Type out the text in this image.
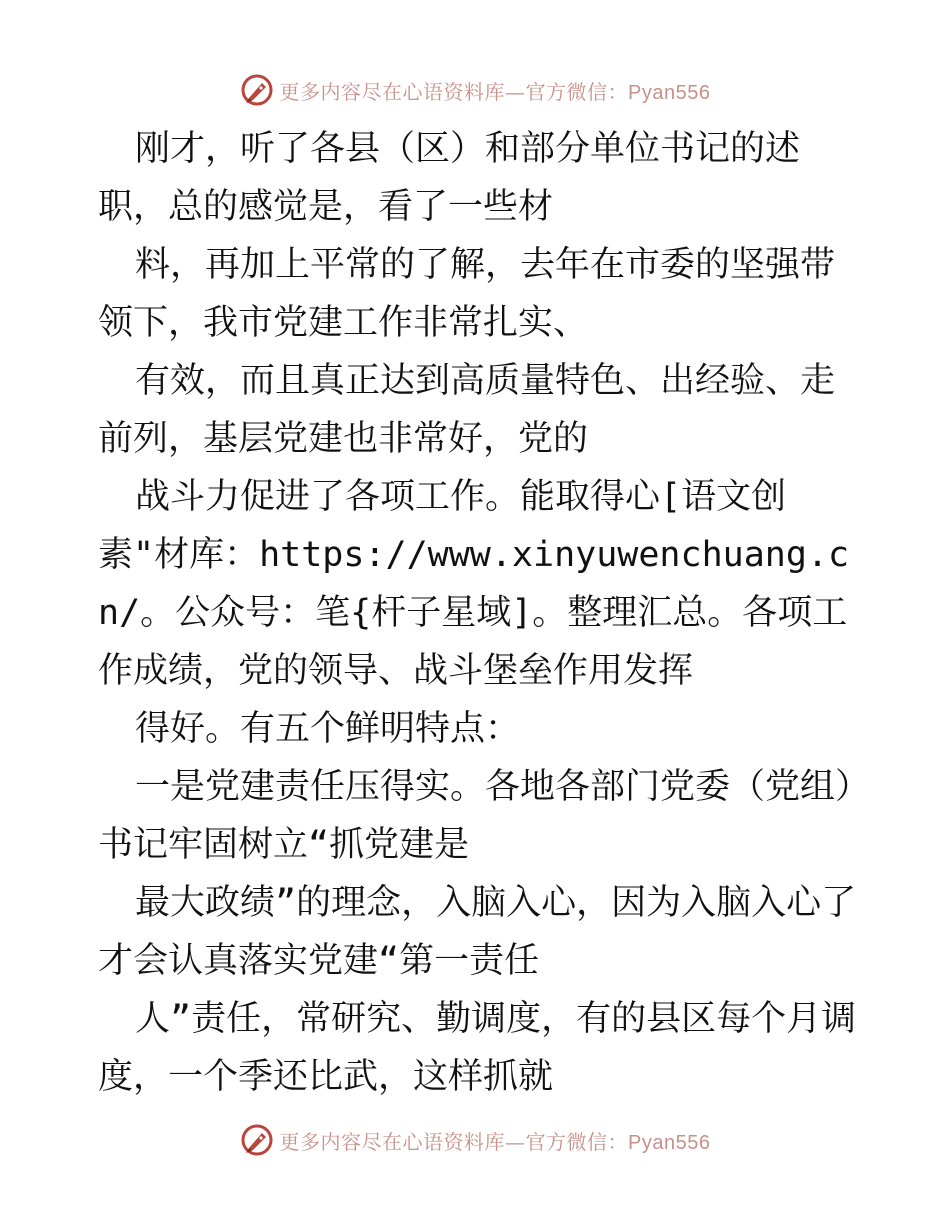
更多内容尽在心语资料库—官方微信：Pyan556

刚才，听了各县（区）和部分单位书记的述职，总的感觉是，看了一些材

料，再加上平常的了解，去年在市委的坚强带领下，我市党建工作非常扎实、

有效，而且真正达到高质量特色、出经验、走前列，基层党建也非常好，党的

战斗力促进了各项工作。能取得心[语文创素"材库：https://www.xinyuwenchuang.cn/。公众号：笔{杆子星域]。整理汇总。各项工作成绩，党的领导、战斗堡垒作用发挥

得好。有五个鲜明特点：

一是党建责任压得实。各地各部门党委（党组）书记牢固树立“抓党建是

最大政绩”的理念，入脑入心，因为入脑入心了才会认真落实党建“第一责任

人”责任，常研究、勤调度，有的县区每个月调度，一个季还比武，这样抓就

更多内容尽在心语资料库—官方微信：Pyan556
